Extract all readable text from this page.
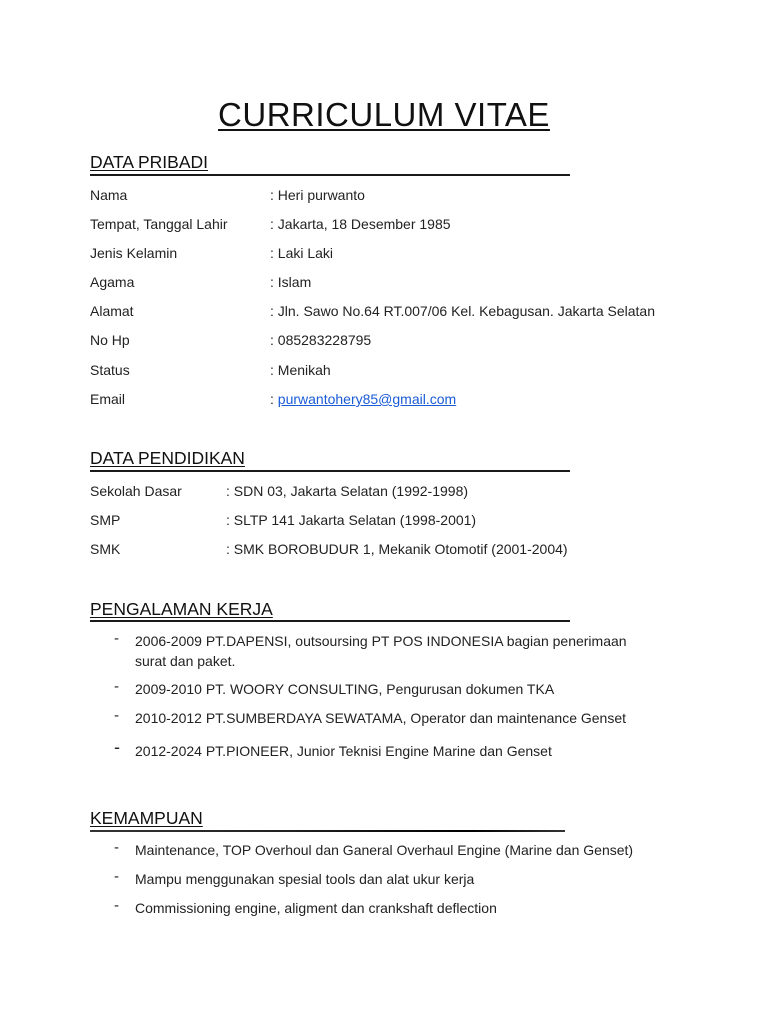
CURRICULUM VITAE
DATA PRIBADI
Nama	: Heri purwanto
Tempat, Tanggal Lahir	: Jakarta, 18 Desember 1985
Jenis Kelamin	: Laki Laki
Agama	: Islam
Alamat	: Jln. Sawo No.64 RT.007/06 Kel. Kebagusan. Jakarta Selatan
No Hp	: 085283228795
Status	: Menikah
Email	: purwantohery85@gmail.com
DATA PENDIDIKAN
Sekolah Dasar	: SDN 03, Jakarta Selatan (1992-1998)
SMP	: SLTP 141 Jakarta Selatan (1998-2001)
SMK	: SMK BOROBUDUR 1, Mekanik Otomotif (2001-2004)
PENGALAMAN KERJA
- 2006-2009 PT.DAPENSI, outsoursing PT POS INDONESIA bagian penerimaan surat dan paket.
- 2009-2010 PT. WOORY CONSULTING, Pengurusan dokumen TKA
- 2010-2012 PT.SUMBERDAYA SEWATAMA, Operator dan maintenance Genset
- 2012-2024 PT.PIONEER, Junior Teknisi Engine Marine dan Genset
KEMAMPUAN
- Maintenance, TOP Overhoul dan Ganeral Overhaul Engine (Marine dan Genset)
- Mampu menggunakan spesial tools dan alat ukur kerja
- Commissioning engine, aligment dan crankshaft deflection
